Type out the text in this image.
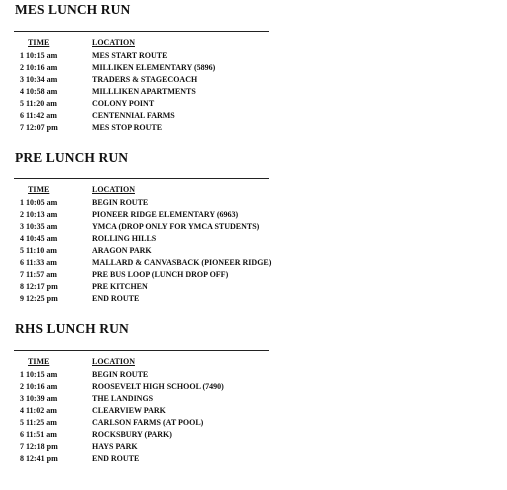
MES LUNCH RUN
TIME	LOCATION
1 10:15 am	MES START ROUTE
2 10:16 am	MILLIKEN ELEMENTARY (5896)
3 10:34 am	TRADERS & STAGECOACH
4 10:58 am	MILLLIKEN APARTMENTS
5 11:20 am	COLONY POINT
6 11:42 am	CENTENNIAL FARMS
7 12:07 pm	MES STOP ROUTE
PRE LUNCH RUN
TIME	LOCATION
1 10:05 am	BEGIN ROUTE
2 10:13 am	PIONEER RIDGE ELEMENTARY (6963)
3 10:35 am	YMCA (DROP ONLY FOR YMCA STUDENTS)
4 10:45 am	ROLLING HILLS
5 11:10 am	ARAGON PARK
6 11:33 am	MALLARD & CANVASBACK (PIONEER RIDGE)
7 11:57 am	PRE BUS LOOP (LUNCH DROP OFF)
8 12:17 pm	PRE KITCHEN
9 12:25 pm	END ROUTE
RHS LUNCH RUN
TIME	LOCATION
1 10:15 am	BEGIN ROUTE
2 10:16 am	ROOSEVELT HIGH SCHOOL (7490)
3 10:39 am	THE LANDINGS
4 11:02 am	CLEARVIEW PARK
5 11:25 am	CARLSON FARMS (AT POOL)
6 11:51 am	ROCKSBURY (PARK)
7 12:18 pm	HAYS PARK
8 12:41 pm	END ROUTE
